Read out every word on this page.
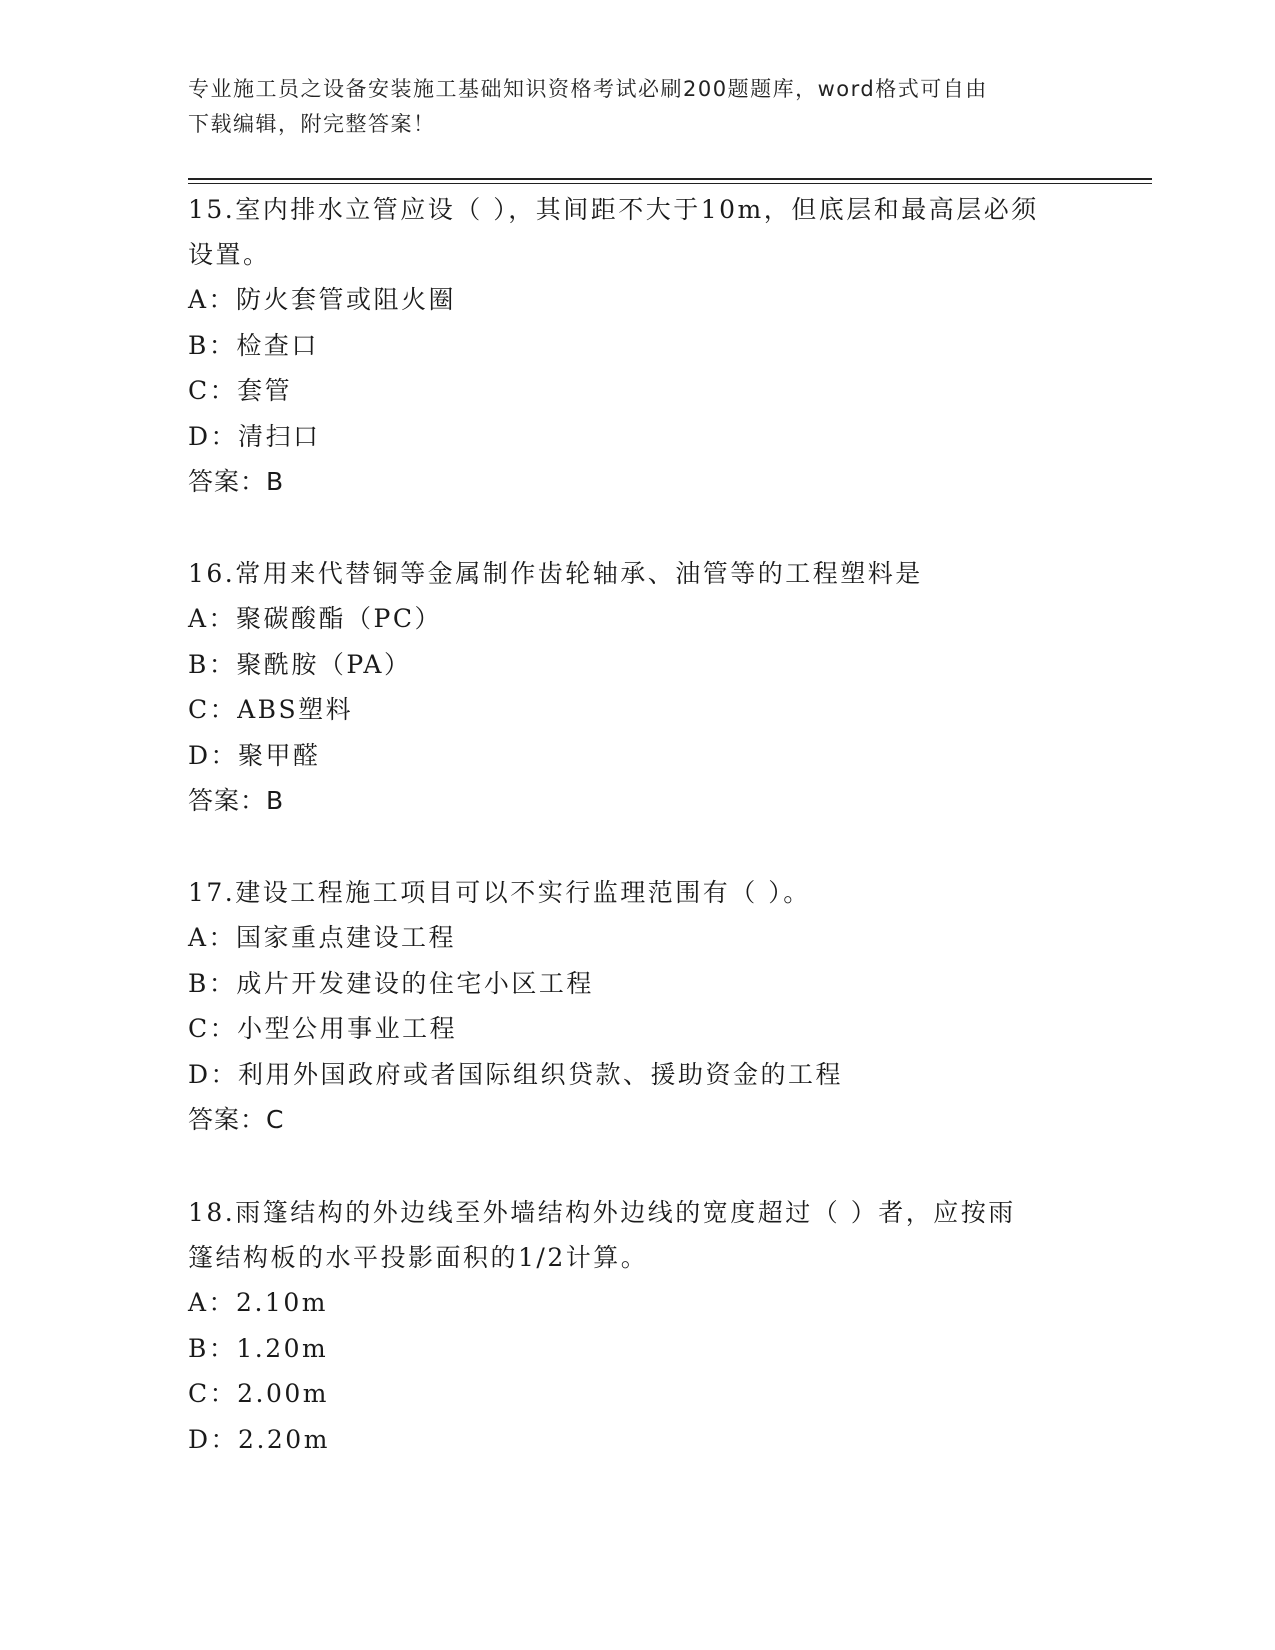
专业施工员之设备安装施工基础知识资格考试必刷200题题库，word格式可自由
下载编辑，附完整答案！

15.室内排水立管应设（ ），其间距不大于10m，但底层和最高层必须

设置。

A：防火套管或阻火圈

B：检查口

C：套管

D：清扫口

答案：B

16.常用来代替铜等金属制作齿轮轴承、油管等的工程塑料是

A：聚碳酸酯（PC）

B：聚酰胺（PA）

C：ABS塑料

D：聚甲醛

答案：B

17.建设工程施工项目可以不实行监理范围有（ ）。

A：国家重点建设工程

B：成片开发建设的住宅小区工程

C：小型公用事业工程

D：利用外国政府或者国际组织贷款、援助资金的工程

答案：C

18.雨篷结构的外边线至外墙结构外边线的宽度超过（ ）者，应按雨

篷结构板的水平投影面积的1/2计算。

A：2.10m

B：1.20m

C：2.00m

D：2.20m
